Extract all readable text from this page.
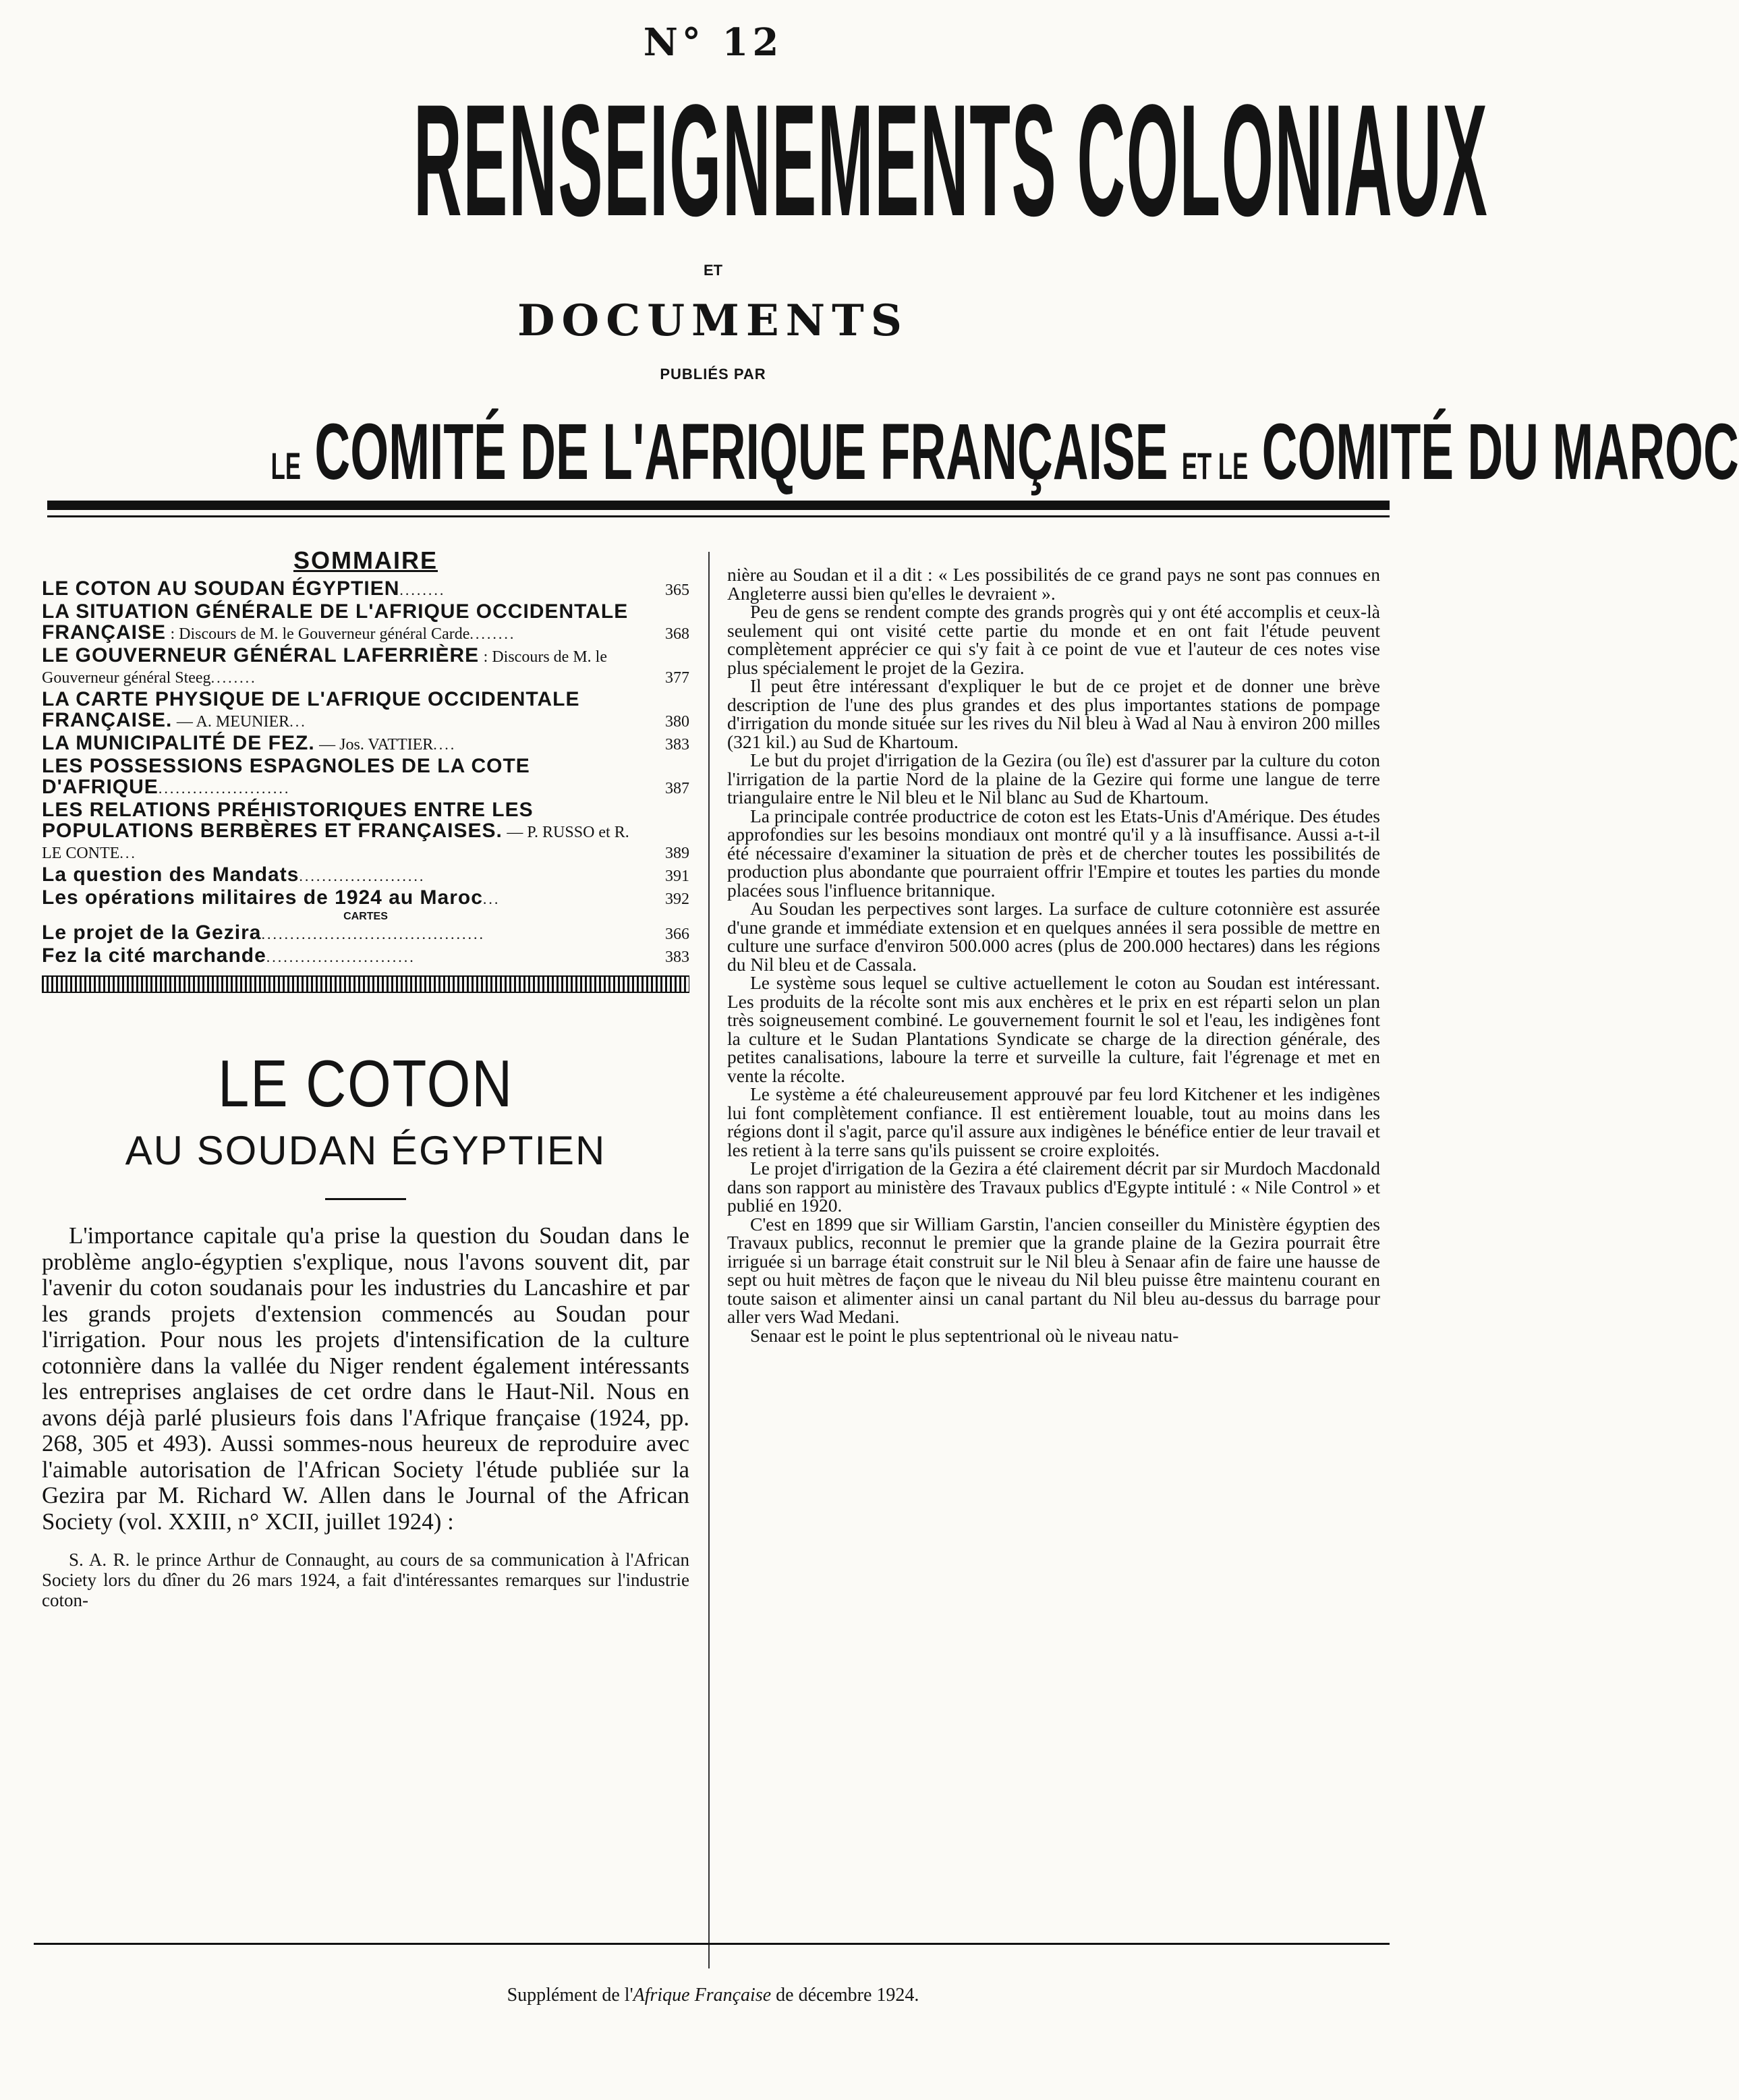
N° 12
RENSEIGNEMENTS COLONIAUX
ET
DOCUMENTS
PUBLIÉS PAR
LE COMITÉ DE L'AFRIQUE FRANÇAISE ET LE COMITÉ DU MAROC
SOMMAIRE
LE COTON AU SOUDAN ÉGYPTIEN........	365
LA SITUATION GÉNÉRALE DE L'AFRIQUE OCCIDENTALE FRANÇAISE : Discours de M. le Gouverneur général Carde........	368
LE GOUVERNEUR GÉNÉRAL LAFERRIÈRE : Discours de M. le Gouverneur général Steeg........	377
LA CARTE PHYSIQUE DE L'AFRIQUE OCCIDENTALE FRANÇAISE. — A. MEUNIER...	380
LA MUNICIPALITÉ DE FEZ. — Jos. VATTIER....	383
LES POSSESSIONS ESPAGNOLES DE LA COTE D'AFRIQUE.......................	387
LES RELATIONS PRÉHISTORIQUES ENTRE LES POPULATIONS BERBÈRES ET FRANÇAISES. — P. RUSSO et R. LE CONTE...	389
La question des Mandats......................	391
Les opérations militaires de 1924 au Maroc...	392
CARTES
Le projet de la Gezira.......................................	366
Fez la cité marchande..........................	383
LE COTON
AU SOUDAN ÉGYPTIEN

L'importance capitale qu'a prise la question du Soudan dans le problème anglo-égyptien s'explique, nous l'avons souvent dit, par l'avenir du coton soudanais pour les industries du Lancashire et par les grands projets d'extension commencés au Soudan pour l'irrigation. Pour nous les projets d'intensification de la culture cotonnière dans la vallée du Niger rendent également intéressants les entreprises anglaises de cet ordre dans le Haut-Nil. Nous en avons déjà parlé plusieurs fois dans l'Afrique française (1924, pp. 268, 305 et 493). Aussi sommes-nous heureux de reproduire avec l'aimable autorisation de l'African Society l'étude publiée sur la Gezira par M. Richard W. Allen dans le Journal of the African Society (vol. XXIII, n° XCII, juillet 1924) :

S. A. R. le prince Arthur de Connaught, au cours de sa communication à l'African Society lors du dîner du 26 mars 1924, a fait d'intéressantes remarques sur l'industrie coton-

nière au Soudan et il a dit : « Les possibilités de ce grand pays ne sont pas connues en Angleterre aussi bien qu'elles le devraient ».

Peu de gens se rendent compte des grands progrès qui y ont été accomplis et ceux-là seulement qui ont visité cette partie du monde et en ont fait l'étude peuvent complètement apprécier ce qui s'y fait à ce point de vue et l'auteur de ces notes vise plus spécialement le projet de la Gezira.

Il peut être intéressant d'expliquer le but de ce projet et de donner une brève description de l'une des plus grandes et des plus importantes stations de pompage d'irrigation du monde située sur les rives du Nil bleu à Wad al Nau à environ 200 milles (321 kil.) au Sud de Khartoum.

Le but du projet d'irrigation de la Gezira (ou île) est d'assurer par la culture du coton l'irrigation de la partie Nord de la plaine de la Gezire qui forme une langue de terre triangulaire entre le Nil bleu et le Nil blanc au Sud de Khartoum.

La principale contrée productrice de coton est les Etats-Unis d'Amérique. Des études approfondies sur les besoins mondiaux ont montré qu'il y a là insuffisance. Aussi a-t-il été nécessaire d'examiner la situation de près et de chercher toutes les possibilités de production plus abondante que pourraient offrir l'Empire et toutes les parties du monde placées sous l'influence britannique.

Au Soudan les perpectives sont larges. La surface de culture cotonnière est assurée d'une grande et immédiate extension et en quelques années il sera possible de mettre en culture une surface d'environ 500.000 acres (plus de 200.000 hectares) dans les régions du Nil bleu et de Cassala.

Le système sous lequel se cultive actuellement le coton au Soudan est intéressant. Les produits de la récolte sont mis aux enchères et le prix en est réparti selon un plan très soigneusement combiné. Le gouvernement fournit le sol et l'eau, les indigènes font la culture et le Sudan Plantations Syndicate se charge de la direction générale, des petites canalisations, laboure la terre et surveille la culture, fait l'égrenage et met en vente la récolte.

Le système a été chaleureusement approuvé par feu lord Kitchener et les indigènes lui font complètement confiance. Il est entièrement louable, tout au moins dans les régions dont il s'agit, parce qu'il assure aux indigènes le bénéfice entier de leur travail et les retient à la terre sans qu'ils puissent se croire exploités.

Le projet d'irrigation de la Gezira a été clairement décrit par sir Murdoch Macdonald dans son rapport au ministère des Travaux publics d'Egypte intitulé : « Nile Control » et publié en 1920.

C'est en 1899 que sir William Garstin, l'ancien conseiller du Ministère égyptien des Travaux publics, reconnut le premier que la grande plaine de la Gezira pourrait être irriguée si un barrage était construit sur le Nil bleu à Senaar afin de faire une hausse de sept ou huit mètres de façon que le niveau du Nil bleu puisse être maintenu courant en toute saison et alimenter ainsi un canal partant du Nil bleu au-dessus du barrage pour aller vers Wad Medani.

Senaar est le point le plus septentrional où le niveau natu-

Supplément de l'Afrique Française de décembre 1924.
